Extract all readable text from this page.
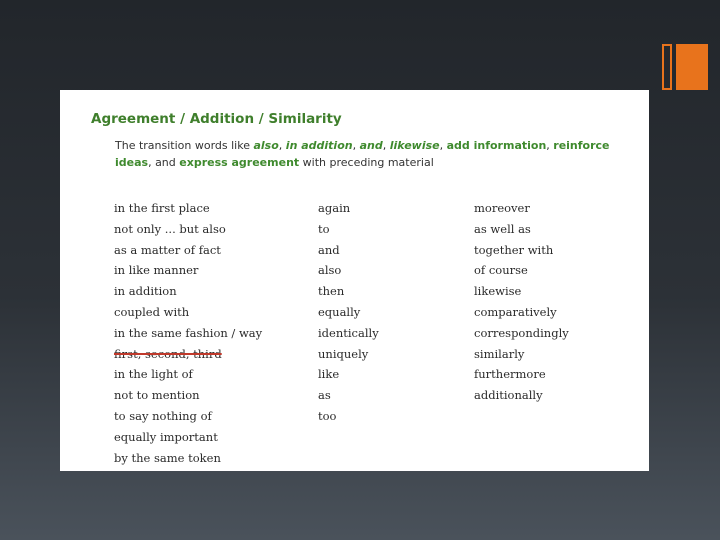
Agreement / Addition / Similarity
The transition words like also, in addition, and, likewise, add information, reinforce ideas, and express agreement with preceding material
in the first place
not only ... but also
as a matter of fact
in like manner
in addition
coupled with
in the same fashion / way
first, second, third
in the light of
not to mention
to say nothing of
equally important
by the same token
again
to
and
also
then
equally
identically
uniquely
like
as
too
moreover
as well as
together with
of course
likewise
comparatively
correspondingly
similarly
furthermore
additionally
